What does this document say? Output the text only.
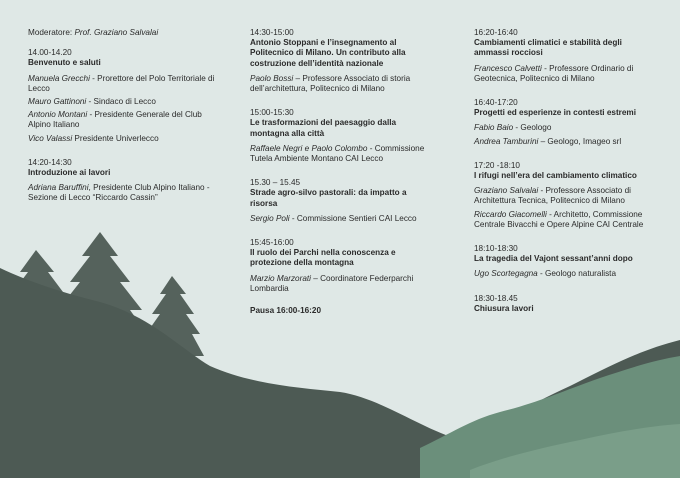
Moderatore: Prof. Graziano Salvalai
14.00-14.20
Benvenuto e saluti
Manuela Grecchi - Prorettore del Polo Territoriale di Lecco
Mauro Gattinoni - Sindaco di Lecco
Antonio Montani - Presidente Generale del Club Alpino Italiano
Vico Valassi Presidente Univerlecco
14:20-14:30
Introduzione ai lavori
Adriana Baruffini, Presidente Club Alpino Italiano - Sezione di Lecco “Riccardo Cassin”
14:30-15:00
Antonio Stoppani e l’insegnamento al Politecnico di Milano. Un contributo alla costruzione dell’identità nazionale
Paolo Bossi – Professore Associato di storia dell’architettura, Politecnico di Milano
15:00-15:30
Le trasformazioni del paesaggio dalla montagna alla città
Raffaele Negri e Paolo Colombo - Commissione Tutela Ambiente Montano CAI Lecco
15.30 – 15.45
Strade agro-silvo pastorali: da impatto a risorsa
Sergio Poli - Commissione Sentieri CAI Lecco
15:45-16:00
Il ruolo dei Parchi nella conoscenza e protezione della montagna
Marzio Marzorati – Coordinatore Federparchi Lombardia
Pausa 16:00-16:20
16:20-16:40
Cambiamenti climatici e stabilità degli ammassi rocciosi
Francesco Calvetti - Professore Ordinario di Geotecnica, Politecnico di Milano
16:40-17:20
Progetti ed esperienze in contesti estremi
Fabio Baio - Geologo
Andrea Tamburini – Geologo, Imageo srl
17:20 -18:10
I rifugi nell’era del cambiamento climatico
Graziano Salvalai - Professore Associato di Architettura Tecnica, Politecnico di Milano
Riccardo Giacomelli - Architetto, Commissione Centrale Bivacchi e Opere Alpine CAI Centrale
18:10-18:30
La tragedia del Vajont sessant’anni dopo
Ugo Scortegagna - Geologo naturalista
18:30-18.45
Chiusura lavori
